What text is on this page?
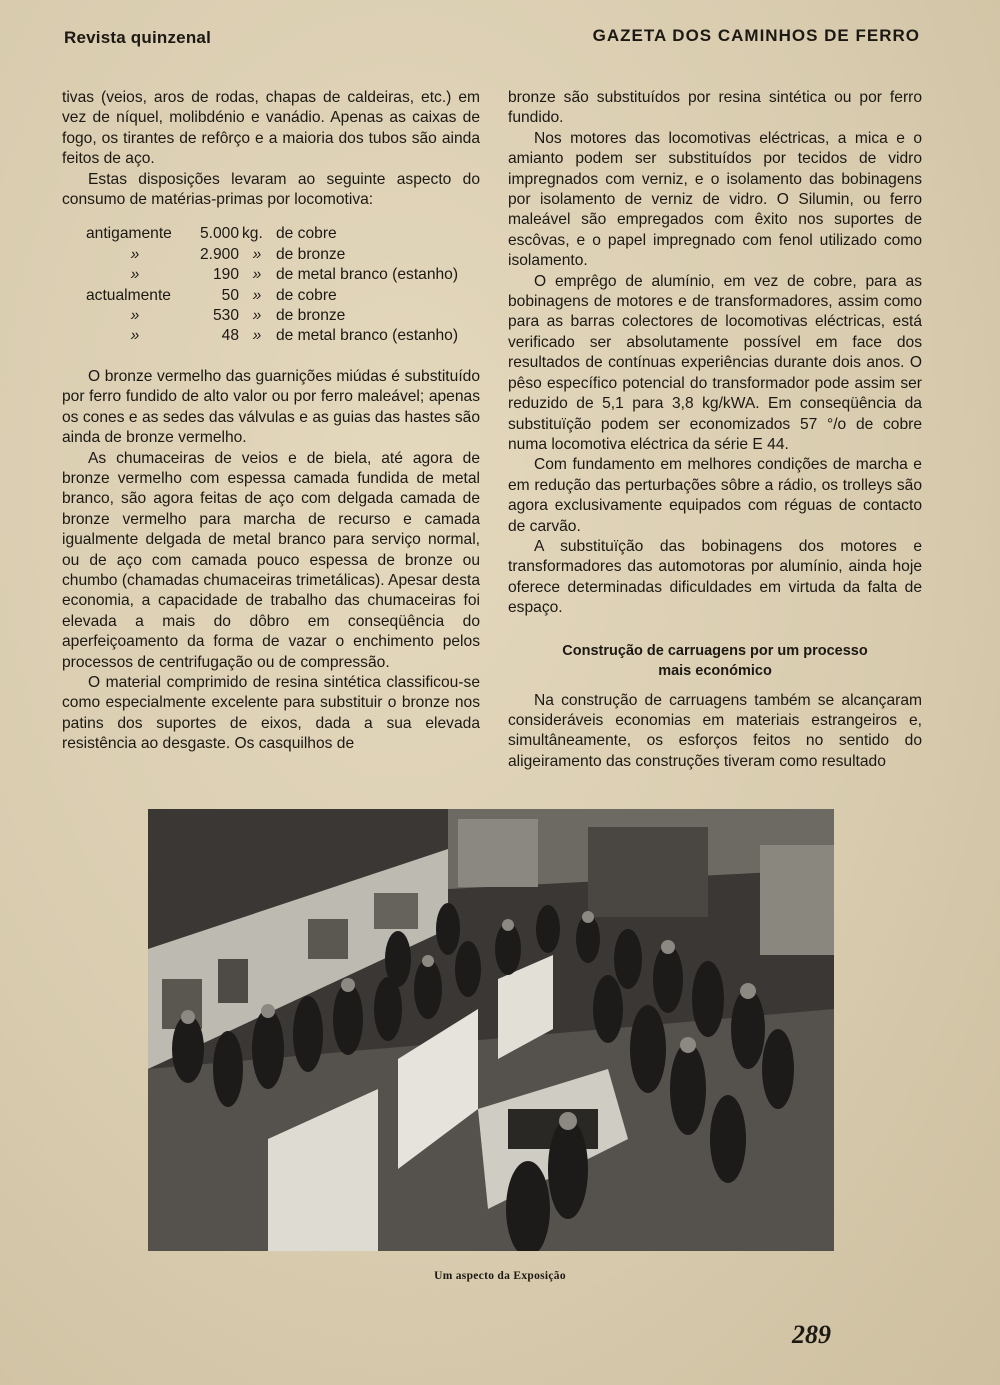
Revista quinzenal	GAZETA DOS CAMINHOS DE FERRO

tivas (veios, aros de rodas, chapas de caldeiras, etc.) em vez de níquel, molibdénio e vanádio. Apenas as caixas de fogo, os tirantes de refôrço e a maioria dos tubos são ainda feitos de aço.

Estas disposições levaram ao seguinte aspecto do consumo de matérias-primas por locomotiva:

antigamente	5.000	kg.	de cobre
»	2.900	»	de bronze
»	190	»	de metal branco (estanho)
actualmente	50	»	de cobre
»	530	»	de bronze
»	48	»	de metal branco (estanho)

O bronze vermelho das guarnições miúdas é substituído por ferro fundido de alto valor ou por ferro maleável; apenas os cones e as sedes das válvulas e as guias das hastes são ainda de bronze vermelho.

As chumaceiras de veios e de biela, até agora de bronze vermelho com espessa camada fundida de metal branco, são agora feitas de aço com delgada camada de bronze vermelho para marcha de recurso e camada igualmente delgada de metal branco para serviço normal, ou de aço com camada pouco espessa de bronze ou chumbo (chamadas chumaceiras trimetálicas). Apesar desta economia, a capacidade de trabalho das chumaceiras foi elevada a mais do dôbro em conseqüência do aperfeiçoamento da forma de vazar o enchimento pelos processos de centrifugação ou de compressão.

O material comprimido de resina sintética classificou-se como especialmente excelente para substituir o bronze nos patins dos suportes de eixos, dada a sua elevada resistência ao desgaste. Os casquilhos de

bronze são substituídos por resina sintética ou por ferro fundido.

Nos motores das locomotivas eléctricas, a mica e o amianto podem ser substituídos por tecidos de vidro impregnados com verniz, e o isolamento das bobinagens por isolamento de verniz de vidro. O Silumin, ou ferro maleável são empregados com êxito nos suportes de escôvas, e o papel impregnado com fenol utilizado como isolamento.

O emprêgo de alumínio, em vez de cobre, para as bobinagens de motores e de transformadores, assim como para as barras colectores de locomotivas eléctricas, está verificado ser absolutamente possível em face dos resultados de contínuas experiências durante dois anos. O pêso específico potencial do transformador pode assim ser reduzido de 5,1 para 3,8 kg/kWA. Em conseqüência da substituïção podem ser economizados 57 °/o de cobre numa locomotiva eléctrica da série E 44.

Com fundamento em melhores condições de marcha e em redução das perturbações sôbre a rádio, os trolleys são agora exclusivamente equipados com réguas de contacto de carvão.

A substituïção das bobinagens dos motores e transformadores das automotoras por alumínio, ainda hoje oferece determinadas dificuldades em virtuda da falta de espaço.

Construção de carruagens por um processo
mais económico

Na construção de carruagens também se alcançaram consideráveis economias em materiais estrangeiros e, simultâneamente, os esforços feitos no sentido do aligeiramento das construções tiveram como resultado

Um aspecto da Exposição
289
